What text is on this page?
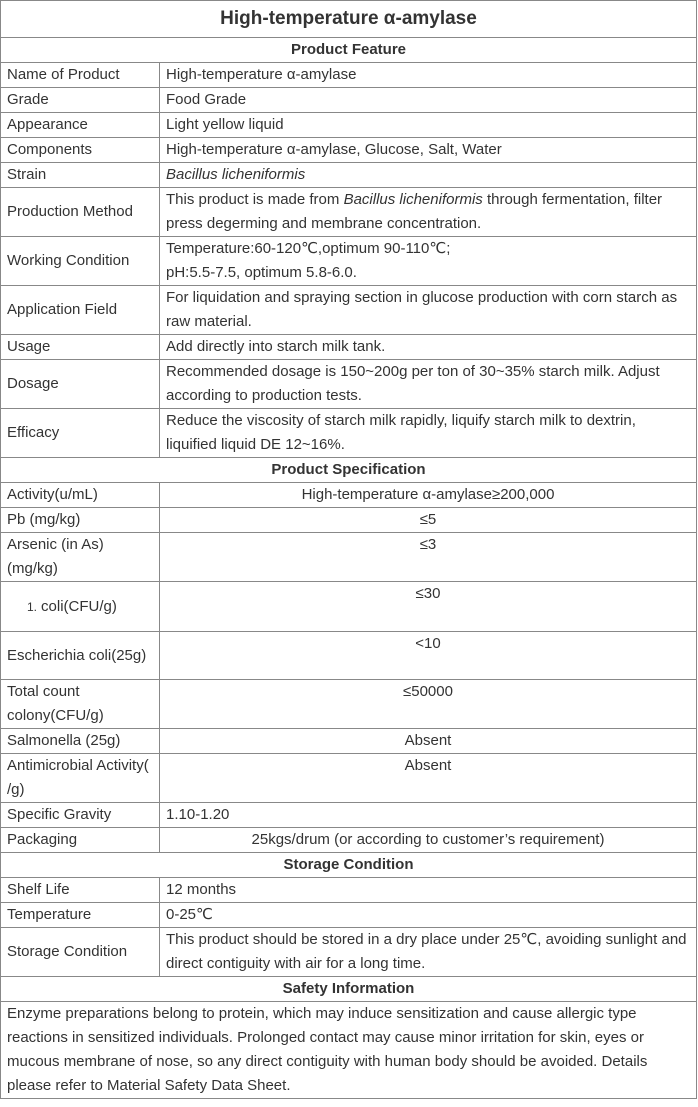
High-temperature α-amylase	
Product Feature	
Name of Product	High-temperature α-amylase
Grade	Food Grade
Appearance	Light yellow liquid
Components	High-temperature α-amylase, Glucose, Salt, Water
Strain	Bacillus licheniformis
Production Method	This product is made from Bacillus licheniformis through fermentation, filter press degerming and membrane concentration.
Working Condition	Temperature:60-120℃,optimum 90-110℃;
pH:5.5-7.5, optimum 5.8-6.0.

Application Field	For liquidation and spraying section in glucose production with corn starch as raw material.
Usage	Add directly into starch milk tank.
Dosage	Recommended dosage is 150~200g per ton of 30~35% starch milk. Adjust according to production tests.
Efficacy	Reduce the viscosity of starch milk rapidly, liquify starch milk to dextrin, liquified liquid DE 12~16%.
Product Specification	
Activity(u/mL)	High-temperature α-amylase≥200,000
Pb (mg/kg)	≤5
Arsenic (in As) (mg/kg)	≤3
1. coli(CFU/g)	≤30
Escherichia coli(25g)	<10
Total count colony(CFU/g)	≤50000
Salmonella (25g)	Absent
Antimicrobial Activity( /g)	Absent
Specific Gravity	1.10-1.20
Packaging	25kgs/drum (or according to customer’s requirement)
Storage Condition	
Shelf Life	12 months
Temperature	0-25℃
Storage Condition	This product should be stored in a dry place under 25℃, avoiding sunlight and direct contiguity with air for a long time.
Safety Information	
Enzyme preparations belong to protein, which may induce sensitization and cause allergic type reactions in sensitized individuals. Prolonged contact may cause minor irritation for skin, eyes or mucous membrane of nose, so any direct contiguity with human body should be avoided. Details please refer to Material Safety Data Sheet.	
